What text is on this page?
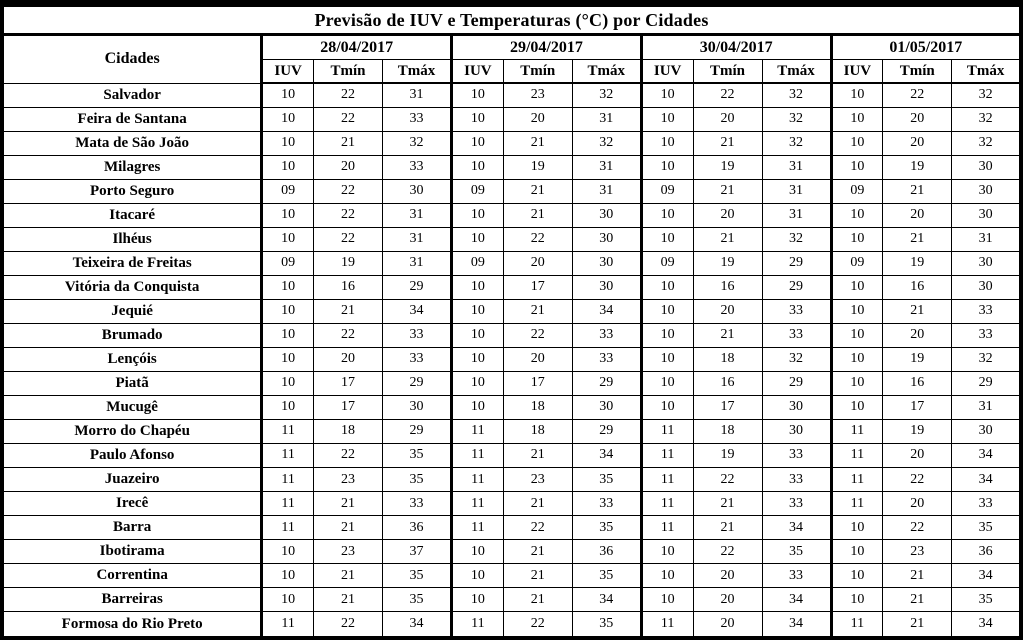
Previsão de IUV e Temperaturas (°C) por Cidades												
Cidades	28/04/2017			29/04/2017			30/04/2017			01/05/2017		
	IUV	Tmín	Tmáx	IUV	Tmín	Tmáx	IUV	Tmín	Tmáx	IUV	Tmín	Tmáx
Salvador	10	22	31	10	23	32	10	22	32	10	22	32
Feira de Santana	10	22	33	10	20	31	10	20	32	10	20	32
Mata de São João	10	21	32	10	21	32	10	21	32	10	20	32
Milagres	10	20	33	10	19	31	10	19	31	10	19	30
Porto Seguro	09	22	30	09	21	31	09	21	31	09	21	30
Itacaré	10	22	31	10	21	30	10	20	31	10	20	30
Ilhéus	10	22	31	10	22	30	10	21	32	10	21	31
Teixeira de Freitas	09	19	31	09	20	30	09	19	29	09	19	30
Vitória da Conquista	10	16	29	10	17	30	10	16	29	10	16	30
Jequié	10	21	34	10	21	34	10	20	33	10	21	33
Brumado	10	22	33	10	22	33	10	21	33	10	20	33
Lençóis	10	20	33	10	20	33	10	18	32	10	19	32
Piatã	10	17	29	10	17	29	10	16	29	10	16	29
Mucugê	10	17	30	10	18	30	10	17	30	10	17	31
Morro do Chapéu	11	18	29	11	18	29	11	18	30	11	19	30
Paulo Afonso	11	22	35	11	21	34	11	19	33	11	20	34
Juazeiro	11	23	35	11	23	35	11	22	33	11	22	34
Irecê	11	21	33	11	21	33	11	21	33	11	20	33
Barra	11	21	36	11	22	35	11	21	34	10	22	35
Ibotirama	10	23	37	10	21	36	10	22	35	10	23	36
Correntina	10	21	35	10	21	35	10	20	33	10	21	34
Barreiras	10	21	35	10	21	34	10	20	34	10	21	35
Formosa do Rio Preto	11	22	34	11	22	35	11	20	34	11	21	34
